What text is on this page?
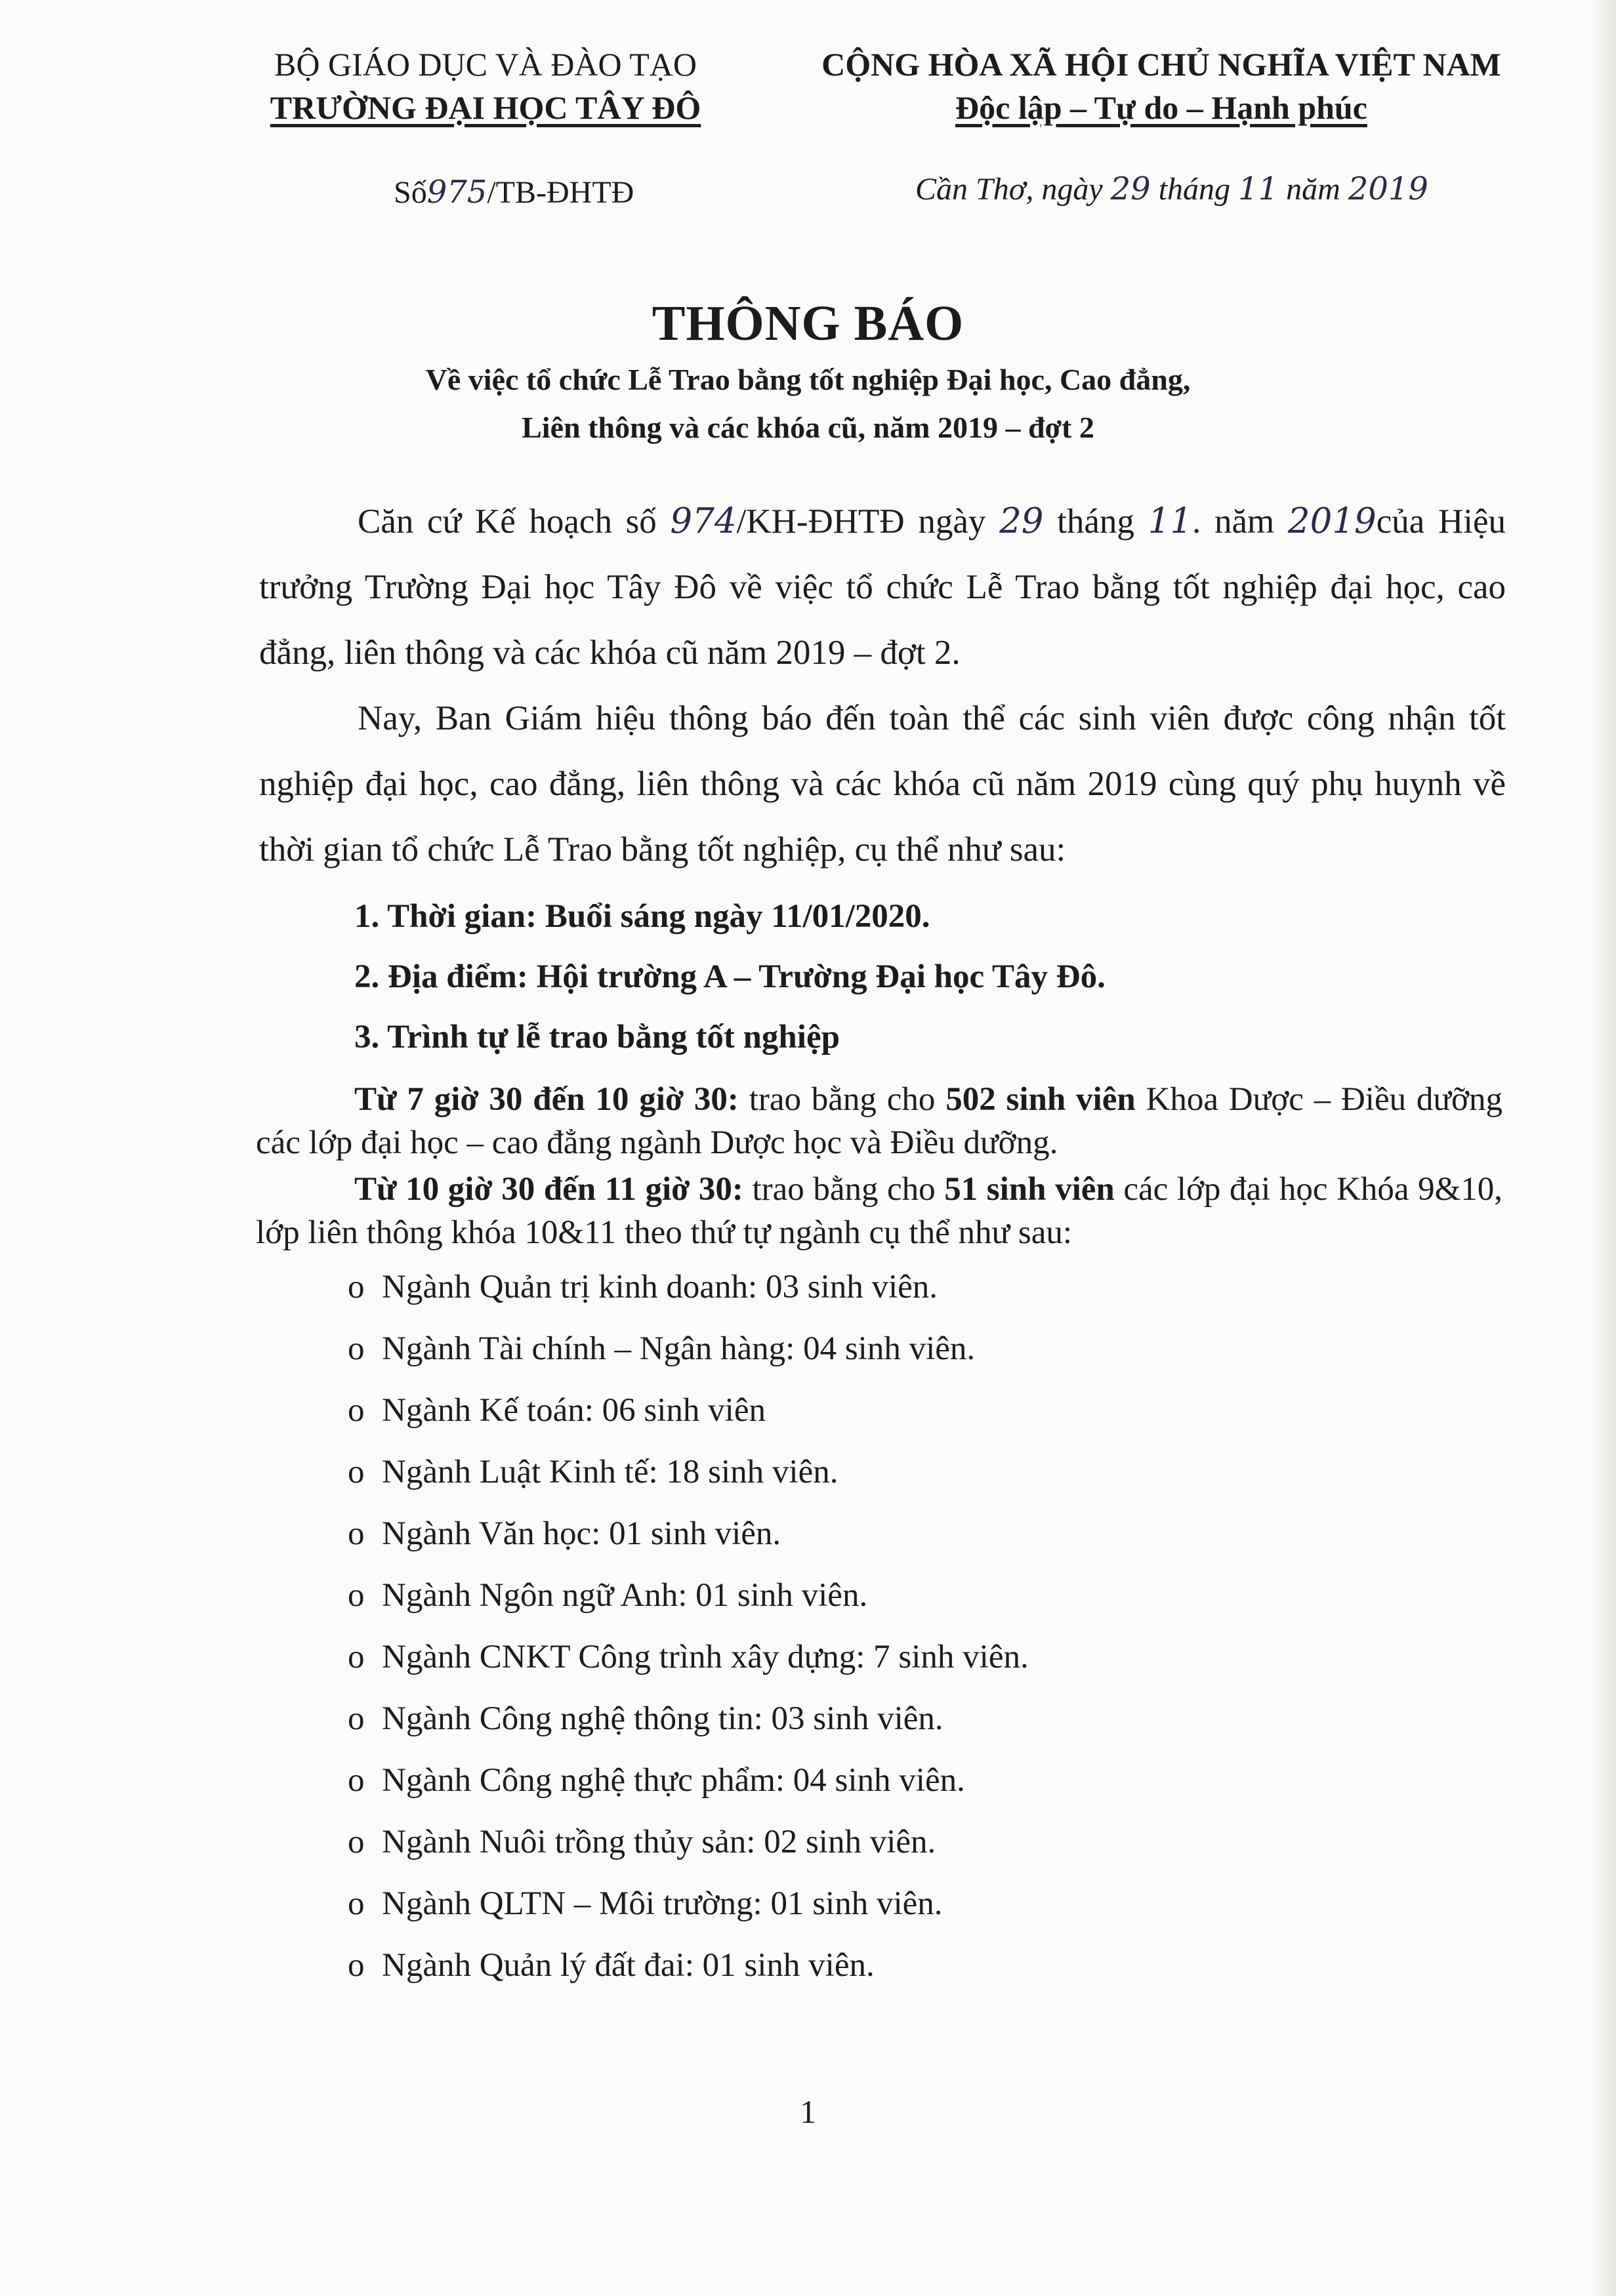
BỘ GIÁO DỤC VÀ ĐÀO TẠO
TRƯỜNG ĐẠI HỌC TÂY ĐÔ
CỘNG HÒA XÃ HỘI CHỦ NGHĨA VIỆT NAM
Độc lập – Tự do – Hạnh phúc
Số975/TB-ĐHTĐ	Cần Thơ, ngày 29 tháng 11 năm 2019
THÔNG BÁO
Về việc tổ chức Lễ Trao bằng tốt nghiệp Đại học, Cao đẳng,
Liên thông và các khóa cũ, năm 2019 – đợt 2
Căn cứ Kế hoạch số 974/KH-ĐHTĐ ngày 29 tháng 11. năm 2019của Hiệu trưởng Trường Đại học Tây Đô về việc tổ chức Lễ Trao bằng tốt nghiệp đại học, cao đẳng, liên thông và các khóa cũ năm 2019 – đợt 2.
Nay, Ban Giám hiệu thông báo đến toàn thể các sinh viên được công nhận tốt nghiệp đại học, cao đẳng, liên thông và các khóa cũ năm 2019 cùng quý phụ huynh về thời gian tổ chức Lễ Trao bằng tốt nghiệp, cụ thể như sau:
1. Thời gian: Buổi sáng ngày 11/01/2020.
2. Địa điểm: Hội trường A – Trường Đại học Tây Đô.
3. Trình tự lễ trao bằng tốt nghiệp
Từ 7 giờ 30 đến 10 giờ 30: trao bằng cho 502 sinh viên Khoa Dược – Điều dưỡng các lớp đại học – cao đẳng ngành Dược học và Điều dưỡng.
Từ 10 giờ 30 đến 11 giờ 30: trao bằng cho 51 sinh viên các lớp đại học Khóa 9&10, lớp liên thông khóa 10&11 theo thứ tự ngành cụ thể như sau:
o Ngành Quản trị kinh doanh: 03 sinh viên.
o Ngành Tài chính – Ngân hàng: 04 sinh viên.
o Ngành Kế toán: 06 sinh viên
o Ngành Luật Kinh tế: 18 sinh viên.
o Ngành Văn học: 01 sinh viên.
o Ngành Ngôn ngữ Anh: 01 sinh viên.
o Ngành CNKT Công trình xây dựng: 7 sinh viên.
o Ngành Công nghệ thông tin: 03 sinh viên.
o Ngành Công nghệ thực phẩm: 04 sinh viên.
o Ngành Nuôi trồng thủy sản: 02 sinh viên.
o Ngành QLTN – Môi trường: 01 sinh viên.
o Ngành Quản lý đất đai: 01 sinh viên.
1
